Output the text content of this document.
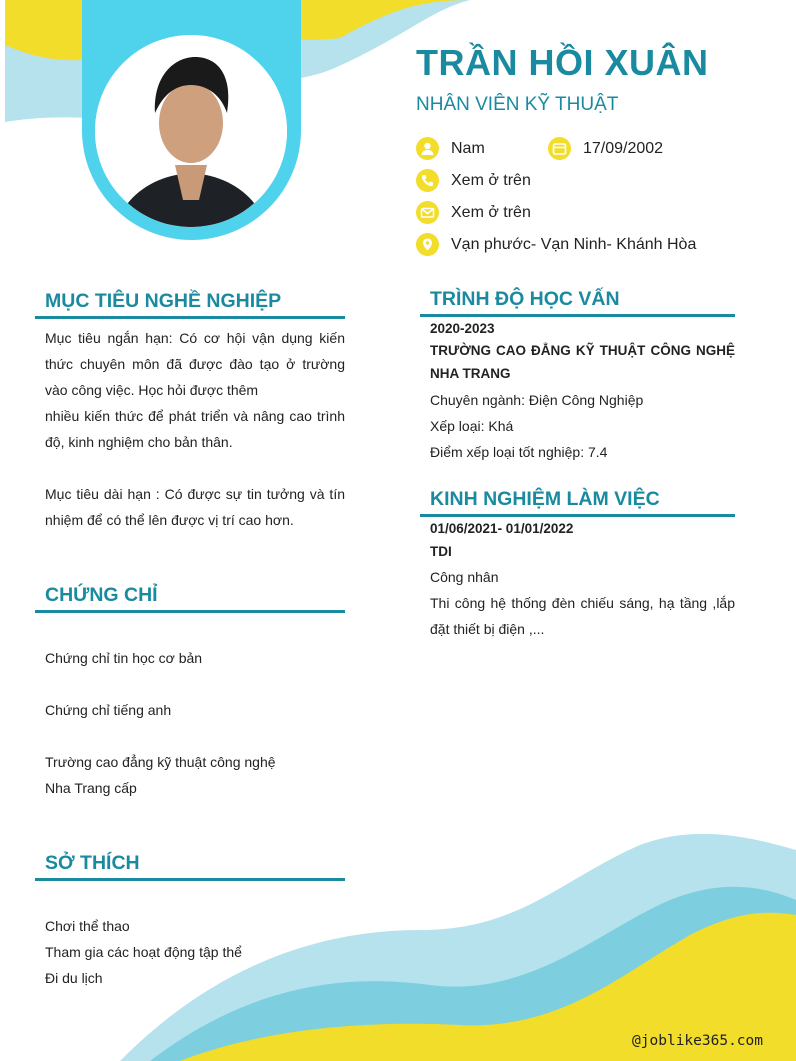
TRẦN HỒI XUÂN
NHÂN VIÊN KỸ THUẬT
Nam	17/09/2002
Xem ở trên
Xem ở trên
Vạn phước- Vạn Ninh- Khánh Hòa
MỤC TIÊU NGHỀ NGHIỆP
Mục tiêu ngắn hạn: Có cơ hội vận dụng kiến thức chuyên môn đã được đào tạo ở trường vào công việc. Học hỏi được thêm
nhiều kiến thức để phát triển và nâng cao trình độ, kinh nghiệm cho bản thân.
Mục tiêu dài hạn : Có được sự tin tưởng và tín nhiệm để có thể lên được vị trí cao hơn.
CHỨNG CHỈ
Chứng chỉ tin học cơ bản
Chứng chỉ tiếng anh
Trường cao đẳng kỹ thuật công nghệ
Nha Trang cấp
SỞ THÍCH
Chơi thể thao
Tham gia các hoạt động tập thể
Đi du lịch
TRÌNH ĐỘ HỌC VẤN
2020-2023
TRƯỜNG CAO ĐẲNG KỸ THUẬT CÔNG NGHỆ NHA TRANG
Chuyên ngành: Điện Công Nghiệp
Xếp loại: Khá
Điểm xếp loại tốt nghiệp: 7.4
KINH NGHIỆM LÀM VIỆC
01/06/2021- 01/01/2022
TDI
Công nhân
Thi công hệ thống đèn chiếu sáng, hạ tầng ,lắp đặt thiết bị điện ,...
@joblike365.com
